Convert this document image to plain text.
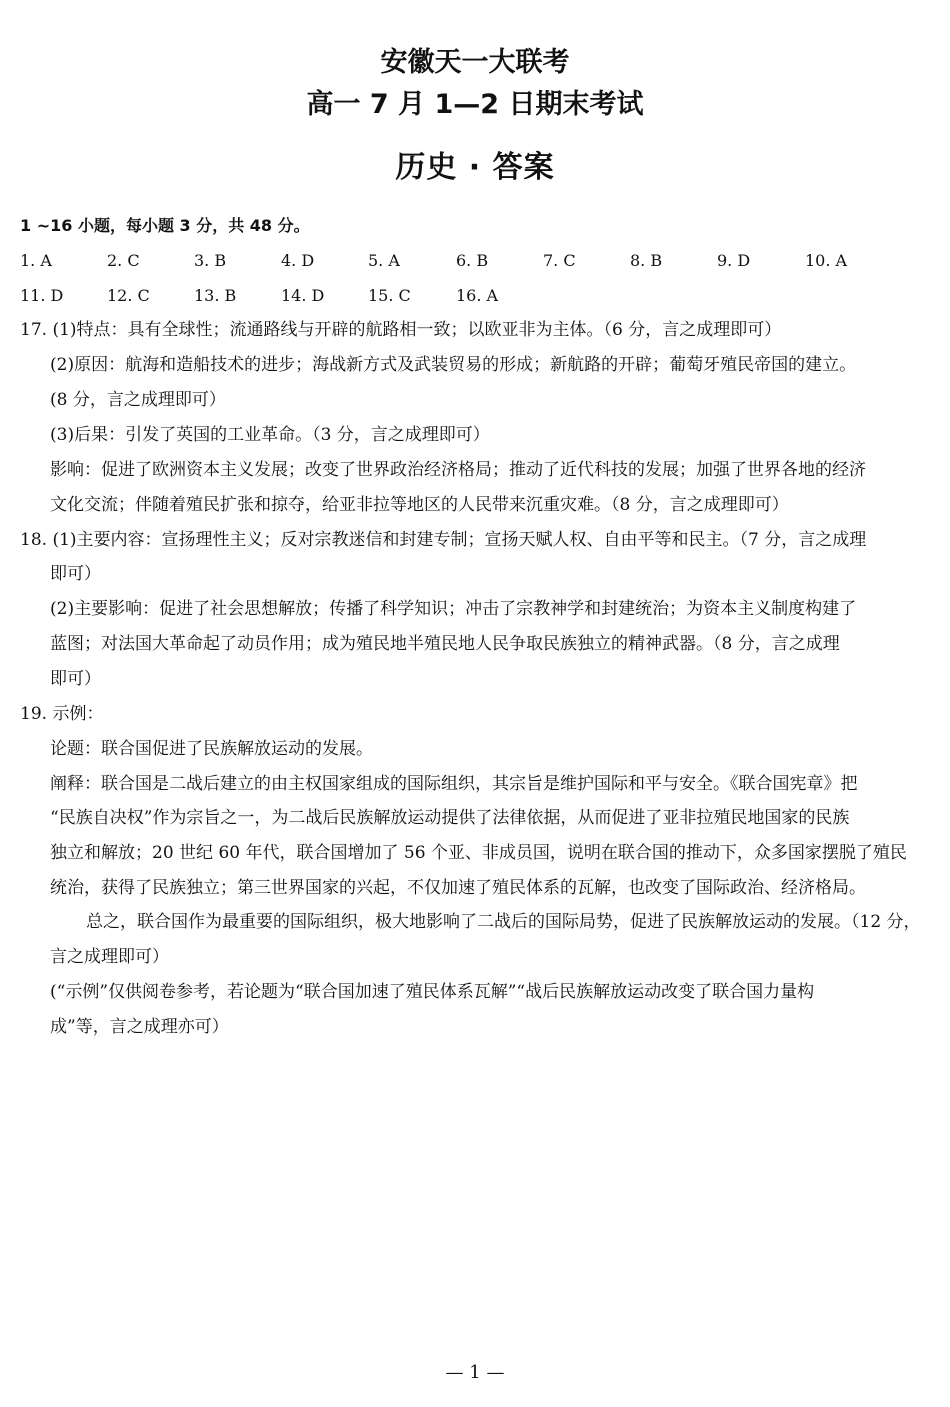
安徽天一大联考
高一 7 月 1—2 日期末考试
历史 · 答案
1 ~16 小题，每小题 3 分，共 48 分。
1. A	2. C	3. B	4. D	5. A	6. B	7. C	8. B	9. D	10. A
11. D	12. C	13. B	14. D	15. C	16. A
17. (1)特点：具有全球性；流通路线与开辟的航路相一致；以欧亚非为主体。（6 分，言之成理即可）
(2)原因：航海和造船技术的进步；海战新方式及武装贸易的形成；新航路的开辟；葡萄牙殖民帝国的建立。
(8 分，言之成理即可）
(3)后果：引发了英国的工业革命。（3 分，言之成理即可）
影响：促进了欧洲资本主义发展；改变了世界政治经济格局；推动了近代科技的发展；加强了世界各地的经济
文化交流；伴随着殖民扩张和掠夺，给亚非拉等地区的人民带来沉重灾难。（8 分，言之成理即可）
18. (1)主要内容：宣扬理性主义；反对宗教迷信和封建专制；宣扬天赋人权、自由平等和民主。（7 分，言之成理
即可）
(2)主要影响：促进了社会思想解放；传播了科学知识；冲击了宗教神学和封建统治；为资本主义制度构建了
蓝图；对法国大革命起了动员作用；成为殖民地半殖民地人民争取民族独立的精神武器。（8 分，言之成理
即可）
19. 示例：
论题：联合国促进了民族解放运动的发展。
阐释：联合国是二战后建立的由主权国家组成的国际组织，其宗旨是维护国际和平与安全。《联合国宪章》把
“民族自决权”作为宗旨之一，为二战后民族解放运动提供了法律依据，从而促进了亚非拉殖民地国家的民族
独立和解放；20 世纪 60 年代，联合国增加了 56 个亚、非成员国，说明在联合国的推动下，众多国家摆脱了殖民
统治，获得了民族独立；第三世界国家的兴起，不仅加速了殖民体系的瓦解，也改变了国际政治、经济格局。
总之，联合国作为最重要的国际组织，极大地影响了二战后的国际局势，促进了民族解放运动的发展。（12 分，
言之成理即可）
(“示例”仅供阅卷参考，若论题为“联合国加速了殖民体系瓦解”“战后民族解放运动改变了联合国力量构
成”等，言之成理亦可）
— 1 —
